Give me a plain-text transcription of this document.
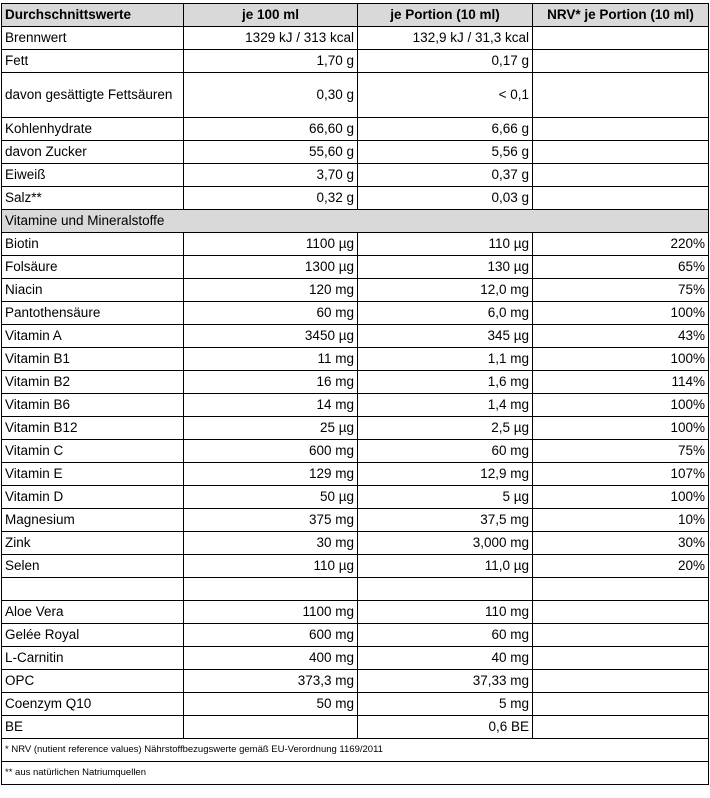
Durchschnittswerte	je 100 ml	je Portion (10 ml)	NRV* je Portion (10 ml)
Brennwert	1329 kJ / 313 kcal	132,9 kJ / 31,3 kcal	
Fett	1,70 g	0,17 g	
davon gesättigte Fettsäuren	0,30 g	< 0,1	
Kohlenhydrate	66,60 g	6,66 g	
davon Zucker	55,60 g	5,56 g	
Eiweiß	3,70 g	0,37 g	
Salz**	0,32 g	0,03 g	
Vitamine und Mineralstoffe			
Biotin	1100 µg	110 µg	220%
Folsäure	1300 µg	130 µg	65%
Niacin	120 mg	12,0 mg	75%
Pantothensäure	60 mg	6,0 mg	100%
Vitamin A	3450 µg	345 µg	43%
Vitamin B1	11 mg	1,1 mg	100%
Vitamin B2	16 mg	1,6 mg	114%
Vitamin B6	14 mg	1,4 mg	100%
Vitamin B12	25 µg	2,5 µg	100%
Vitamin C	600 mg	60 mg	75%
Vitamin E	129 mg	12,9 mg	107%
Vitamin D	50 µg	5 µg	100%
Magnesium	375 mg	37,5 mg	10%
Zink	30 mg	3,000 mg	30%
Selen	110 µg	11,0 µg	20%

Aloe Vera	1100 mg	110 mg	
Gelée Royal	600 mg	60 mg	
L-Carnitin	400 mg	40 mg	
OPC	373,3 mg	37,33 mg	
Coenzym Q10	50 mg	5 mg	
BE		0,6 BE	
* NRV (nutient reference values) Nährstoffbezugswerte gemäß EU-Verordnung 1169/2011			
** aus natürlichen Natriumquellen			
